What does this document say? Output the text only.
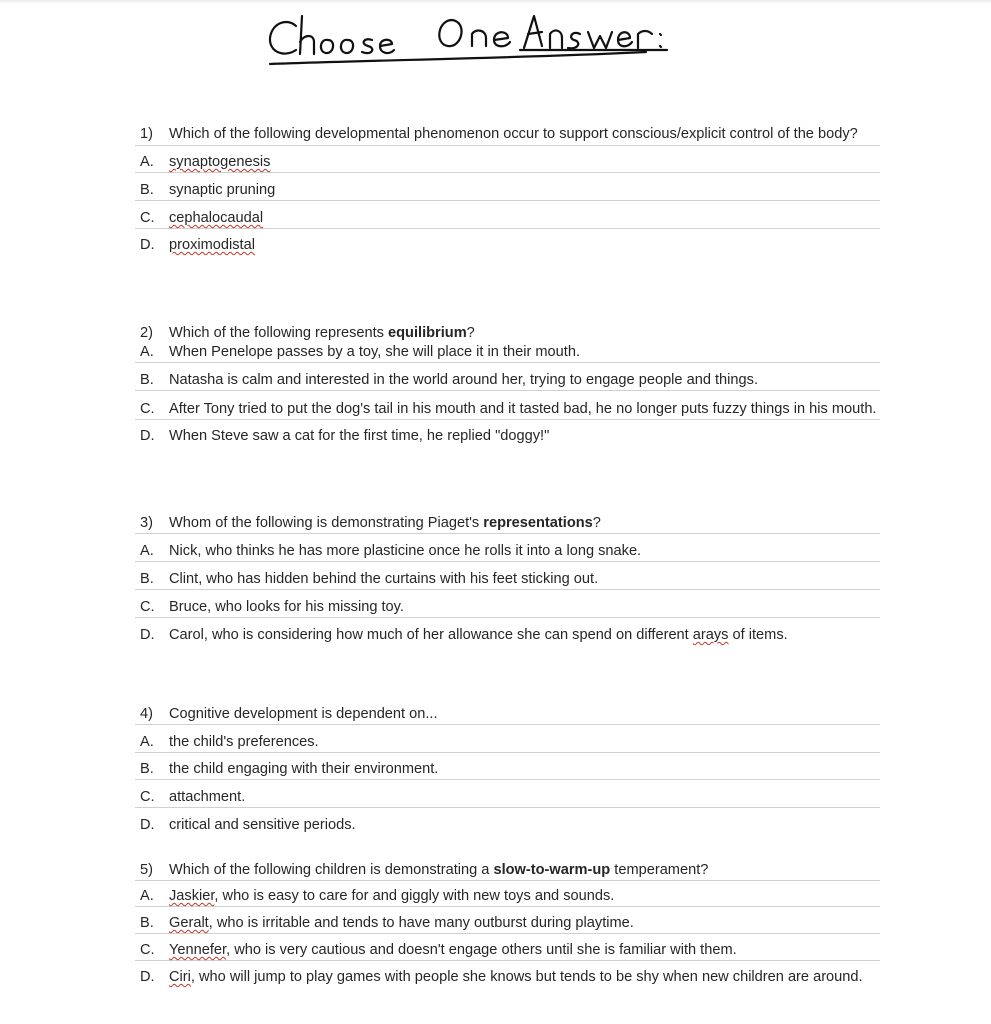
1)	Which of the following developmental phenomenon occur to support conscious/explicit control of the body?
A.	synaptogenesis
B.	synaptic pruning
C. cephalocaudal
D. proximodistal
2)	Which of the following represents equilibrium?
A.	When Penelope passes by a toy, she will place it in their mouth.
B.	Natasha is calm and interested in the world around her, trying to engage people and things.
C. After Tony tried to put the dog's tail in his mouth and it tasted bad, he no longer puts fuzzy things in his mouth.
D. When Steve saw a cat for the first time, he replied "doggy!"
3)	Whom of the following is demonstrating Piaget's representations?
A.	Nick, who thinks he has more plasticine once he rolls it into a long snake.
B.	Clint, who has hidden behind the curtains with his feet sticking out.
C. Bruce, who looks for his missing toy.
D. Carol, who is considering how much of her allowance she can spend on different arays of items.
4)	Cognitive development is dependent on...
A.	the child's preferences.
B.	the child engaging with their environment.
C. attachment.
D. critical and sensitive periods.
5)	Which of the following children is demonstrating a slow-to-warm-up temperament?
A.	Jaskier, who is easy to care for and giggly with new toys and sounds.
B.	Geralt, who is irritable and tends to have many outburst during playtime.
C. Yennefer, who is very cautious and doesn't engage others until she is familiar with them.
D. Ciri, who will jump to play games with people she knows but tends to be shy when new children are around.
